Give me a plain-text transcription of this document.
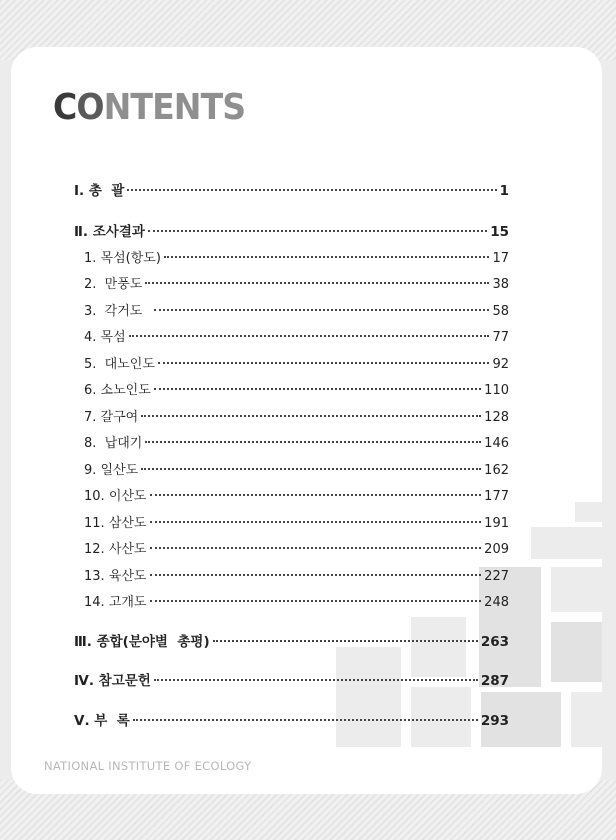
CONTENTS
Ⅰ. 총  괄	1
Ⅱ. 조사결과	15
1. 목섬(항도)	17
2. 만풍도	38
3. 각거도	58
4. 목섬	77
5. 대노인도	92
6. 소노인도	110
7. 갈구여	128
8. 납대기	146
9. 일산도	162
10. 이산도	177
11. 삼산도	191
12. 사산도	209
13. 육산도	227
14. 고개도	248
Ⅲ. 종합(분야별  총평)	263
Ⅳ. 참고문헌	287
Ⅴ. 부  록	293
NATIONAL INSTITUTE OF ECOLOGY
